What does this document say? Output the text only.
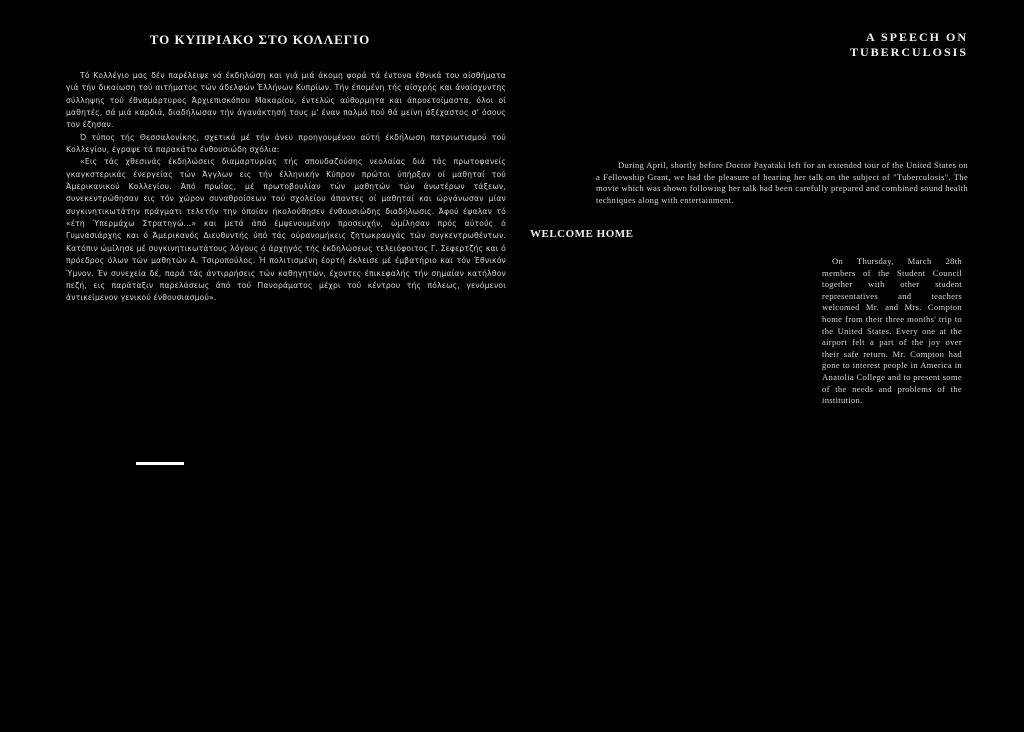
ΤΟ ΚΥΠΡΙΑΚΟ ΣΤΟ ΚΟΛΛΕΓΙΟ

Τό Κολλέγιο μας δέν παρέλειψε νά έκδηλώση και γιά μιά άκομη φορά τά έντονα έθνικά του αίσθήματα γιά τήν δικαίωση τού αιτήματος τών άδελφών Έλλήνων Κυπρίων. Τήν έπομένη τής αίσχρής και άναίσχυντης σύλληψης τού έθναμάρτυρος Άρχιεπισκόπου Μακαρίου, έντελώς αύθορμητα και άπροετοίμαστα, όλοι οί μαθητές, σά μιά καρδιά, διαδήλωσαν τήν άγανάκτησή τους μ' έναν παλμό πού θά μείνη άξέχαστος σ' όσους τον έζησαν.

Ό τύπος τής Θεσσαλονίκης, σχετικά μέ τήν άνευ προηγουμένου αύτή έκδήλωση πατριωτισμού τού Κολλεγίου, έγραψε τά παρακάτω ένθουσιώδη σχόλια:

«Εις τάς χθεσινάς έκδηλώσεις διαμαρτυρίας τής σπουδαζούσης νεολαίας διά τάς πρωτοφανείς γκαγκστερικάς ένεργείας τών Άγγλων εις τήν έλληνικήν Κύπρον πρώτοι ύπήρξαν οί μαθηταί τού Άμερικανικού Κολλεγίου. Άπό πρωΐας, μέ πρωτοβουλίαν τών μαθητών τών άνωτέρων τάξεων, συνεκεντρώθησαν εις τόν χώρον συναθροίσεων τού σχολείου άπαντες οί μαθηταί και ώργάνωσαν μίαν συγκινητικωτάτην πράγματι τελετήν την όποίαν ήκολούθησεν ένθουσιώδης διαδήλωσις. Άφού έψαλαν τό «έτη Ύπερμάχω Στρατηγώ...» και μετά άπό έμψενουμένην προσευχήν, ώμίλησαν πρός αύτούς ό Γυμνασιάρχης και ό Άμερικανός Διευθυντής ύπό τάς ούρανομήκεις ζητωκραυγάς τών συγκεντρωθέντων. Κατόπιν ώμίλησε μέ συγκινητικωτάτους λόγους ό άρχηγός τής έκδηλώσεως τελειόφοιτος Γ. Σεφερτζής και ό πρόεδρος όλων τών μαθητών Α. Τσιροπούλος. Ή πολιτισμένη έορτή έκλεισε μέ έμβατήριο και τόν Έθνικόν Ύμνον. Έν συνεχεία δέ, παρά τάς άντιρρήσεις τών καθηγητών, έχοντες έπικεφαλής τήν σημαίαν κατήλθον πεζή, εις παράταξιν παρελάσεως άπό τού Πανοράματος μέχρι τού κέντρου τής πόλεως, γενόμενοι άντικείμενον γενικού ένθουσιασμού».

A SPEECH ON
TUBERCULOSIS

During April, shortly before Doctor Payataki left for an extended tour of the United States on a Fellowship Grant, we had the pleasure of hearing her talk on the subject of "Tuberculosis". The movie which was shown following her talk had been carefully prepared and combined sound health techniques along with entertainment.

WELCOME HOME

On Thursday, March 28th members of the Student Council together with other student representatives and teachers welcomed Mr. and Mrs. Compton home from their three months' trip to the United States. Every one at the airport felt a part of the joy over their safe return. Mr. Compton had gone to interest people in America in Anatolia College and to present some of the needs and problems of the institution.
